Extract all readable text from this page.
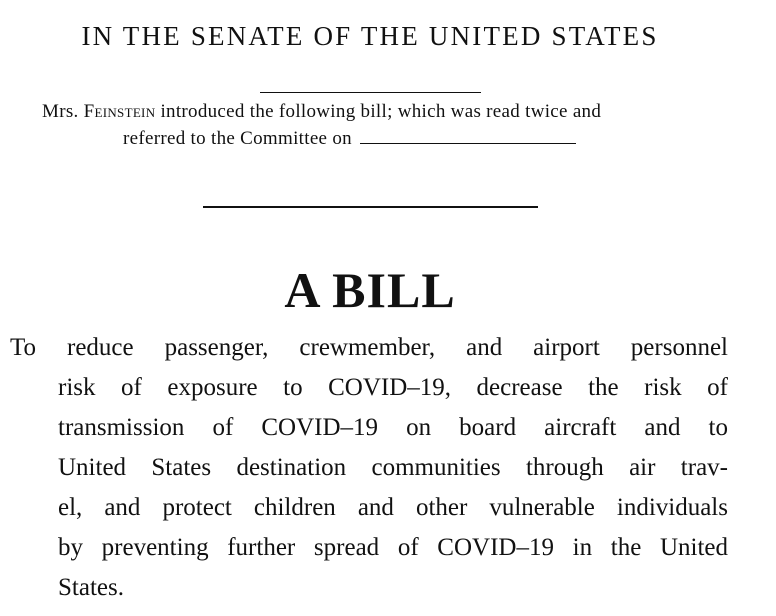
IN THE SENATE OF THE UNITED STATES
Mrs. Feinstein introduced the following bill; which was read twice and
referred to the Committee on
A BILL
To reduce passenger, crewmember, and airport personnel
risk of exposure to COVID–19, decrease the risk of
transmission of COVID–19 on board aircraft and to
United States destination communities through air trav-
el, and protect children and other vulnerable individuals
by preventing further spread of COVID–19 in the United
States.
